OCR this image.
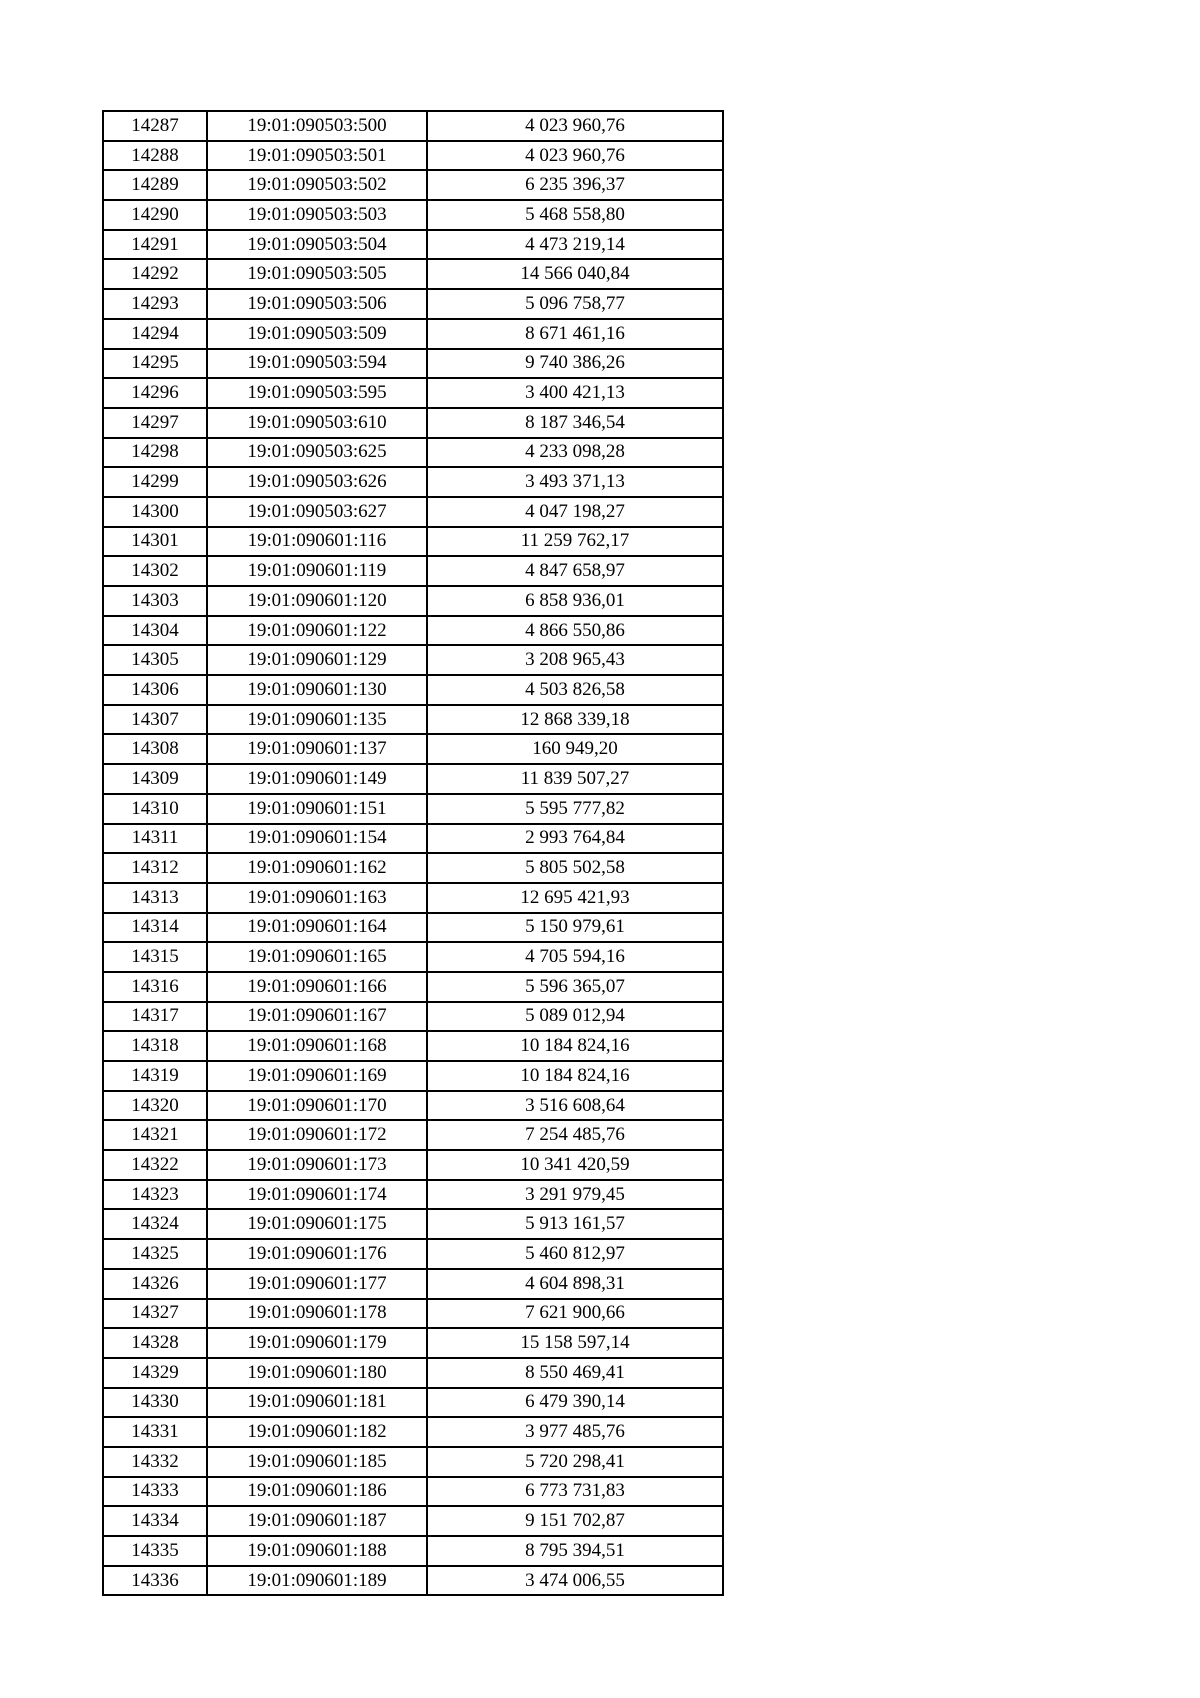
14287	19:01:090503:500	4 023 960,76
14288	19:01:090503:501	4 023 960,76
14289	19:01:090503:502	6 235 396,37
14290	19:01:090503:503	5 468 558,80
14291	19:01:090503:504	4 473 219,14
14292	19:01:090503:505	14 566 040,84
14293	19:01:090503:506	5 096 758,77
14294	19:01:090503:509	8 671 461,16
14295	19:01:090503:594	9 740 386,26
14296	19:01:090503:595	3 400 421,13
14297	19:01:090503:610	8 187 346,54
14298	19:01:090503:625	4 233 098,28
14299	19:01:090503:626	3 493 371,13
14300	19:01:090503:627	4 047 198,27
14301	19:01:090601:116	11 259 762,17
14302	19:01:090601:119	4 847 658,97
14303	19:01:090601:120	6 858 936,01
14304	19:01:090601:122	4 866 550,86
14305	19:01:090601:129	3 208 965,43
14306	19:01:090601:130	4 503 826,58
14307	19:01:090601:135	12 868 339,18
14308	19:01:090601:137	160 949,20
14309	19:01:090601:149	11 839 507,27
14310	19:01:090601:151	5 595 777,82
14311	19:01:090601:154	2 993 764,84
14312	19:01:090601:162	5 805 502,58
14313	19:01:090601:163	12 695 421,93
14314	19:01:090601:164	5 150 979,61
14315	19:01:090601:165	4 705 594,16
14316	19:01:090601:166	5 596 365,07
14317	19:01:090601:167	5 089 012,94
14318	19:01:090601:168	10 184 824,16
14319	19:01:090601:169	10 184 824,16
14320	19:01:090601:170	3 516 608,64
14321	19:01:090601:172	7 254 485,76
14322	19:01:090601:173	10 341 420,59
14323	19:01:090601:174	3 291 979,45
14324	19:01:090601:175	5 913 161,57
14325	19:01:090601:176	5 460 812,97
14326	19:01:090601:177	4 604 898,31
14327	19:01:090601:178	7 621 900,66
14328	19:01:090601:179	15 158 597,14
14329	19:01:090601:180	8 550 469,41
14330	19:01:090601:181	6 479 390,14
14331	19:01:090601:182	3 977 485,76
14332	19:01:090601:185	5 720 298,41
14333	19:01:090601:186	6 773 731,83
14334	19:01:090601:187	9 151 702,87
14335	19:01:090601:188	8 795 394,51
14336	19:01:090601:189	3 474 006,55
